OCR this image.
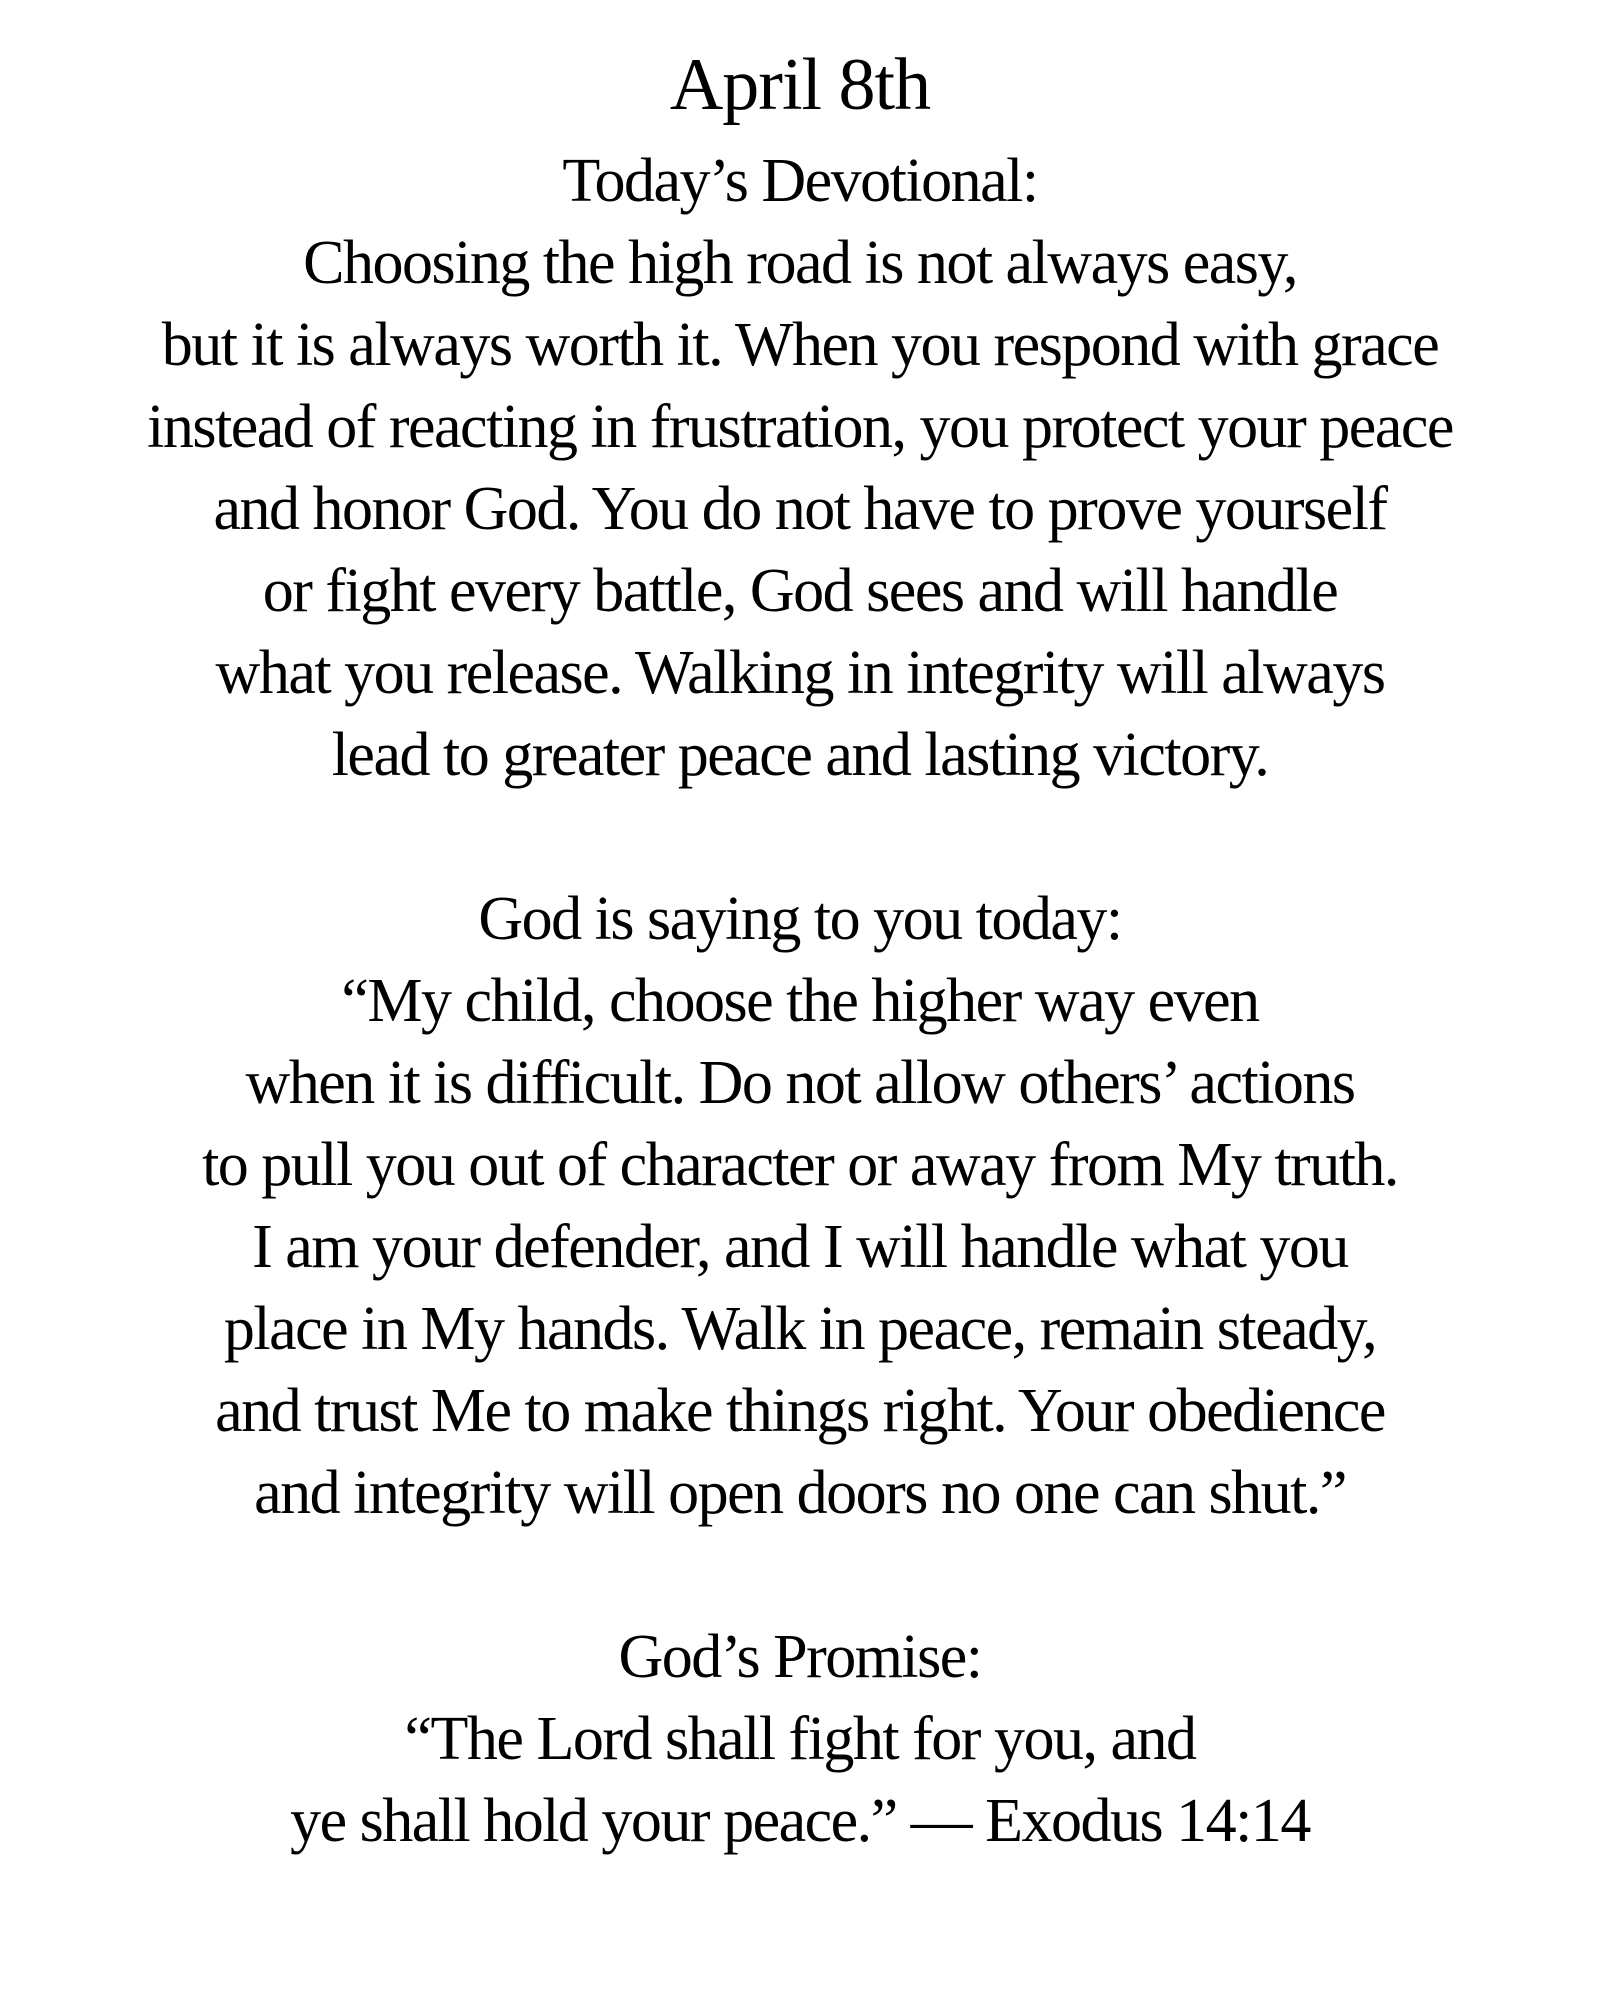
April 8th
Today’s Devotional:
Choosing the high road is not always easy,
but it is always worth it. When you respond with grace
instead of reacting in frustration, you protect your peace
and honor God. You do not have to prove yourself
or fight every battle, God sees and will handle
what you release. Walking in integrity will always
lead to greater peace and lasting victory.
God is saying to you today:
“My child, choose the higher way even
when it is difficult. Do not allow others’ actions
to pull you out of character or away from My truth.
I am your defender, and I will handle what you
place in My hands. Walk in peace, remain steady,
and trust Me to make things right. Your obedience
and integrity will open doors no one can shut.”
God’s Promise:
“The Lord shall fight for you, and
ye shall hold your peace.” — Exodus 14:14
